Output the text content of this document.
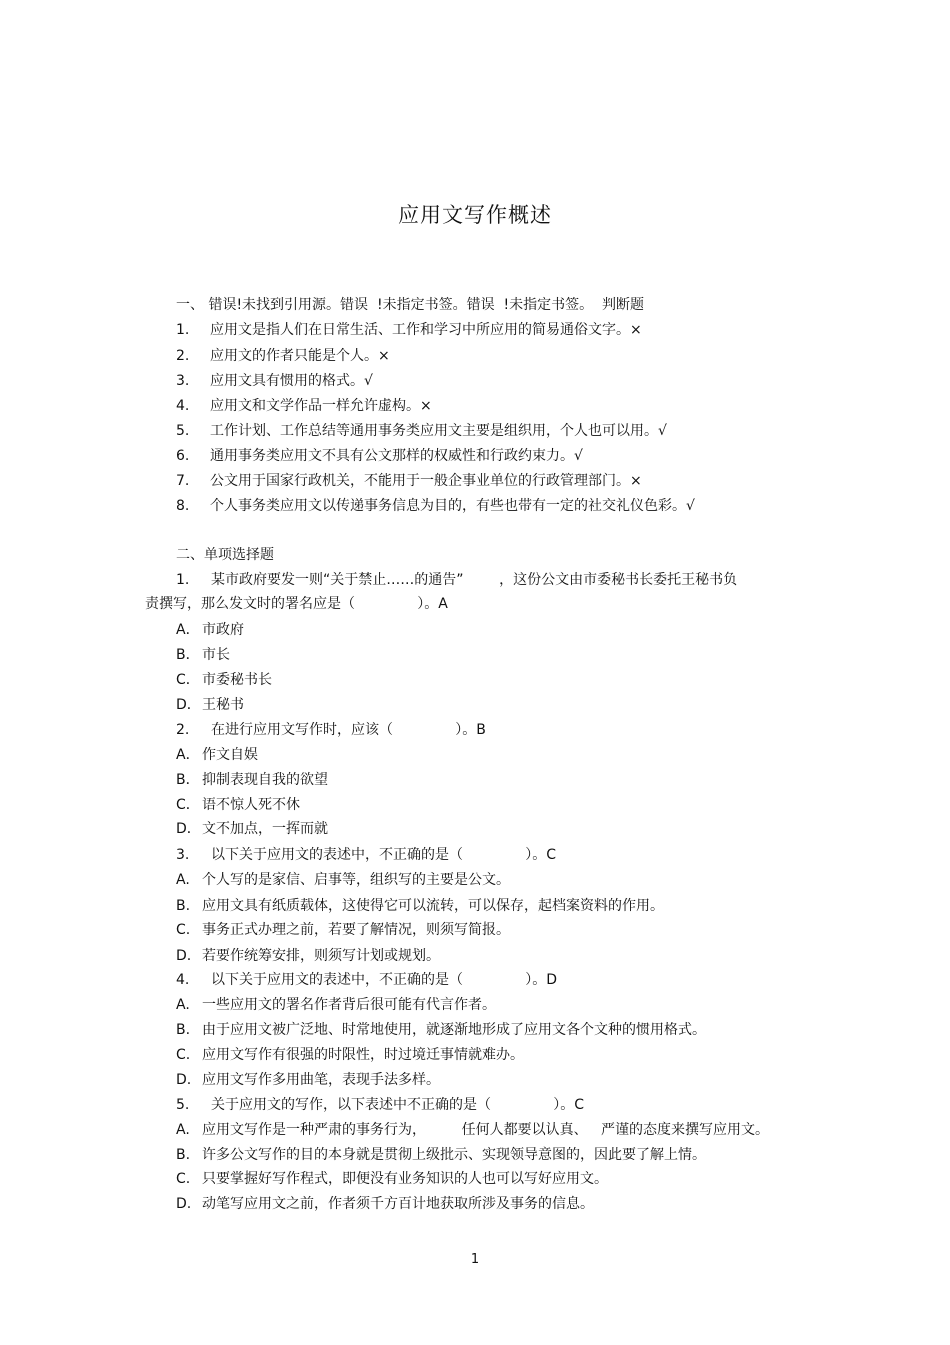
应用文写作概述
一、 错误!未找到引用源。错误  !未指定书签。错误  !未指定书签。  判断题
1. 应用文是指人们在日常生活、工作和学习中所应用的简易通俗文字。×
2. 应用文的作者只能是个人。×
3. 应用文具有惯用的格式。√
4. 应用文和文学作品一样允许虚构。×
5. 工作计划、工作总结等通用事务类应用文主要是组织用，个人也可以用。√
6. 通用事务类应用文不具有公文那样的权威性和行政约束力。√
7. 公文用于国家行政机关，不能用于一般企事业单位的行政管理部门。×
8. 个人事务类应用文以传递事务信息为目的，有些也带有一定的社交礼仪色彩。√
二、单项选择题
1. 某市政府要发一则“关于禁止……的通告”        ，这份公文由市委秘书长委托王秘书负
责撰写，那么发文时的署名应是（              ）。A
A． 市政府
B． 市长
C． 市委秘书长
D．王秘书
2. 在进行应用文写作时，应该（              ）。B
A． 作文自娱
B． 抑制表现自我的欲望
C． 语不惊人死不休
D．文不加点，一挥而就
3. 以下关于应用文的表述中，不正确的是（              ）。C
A. 个人写的是家信、启事等，组织写的主要是公文。
B. 应用文具有纸质载体，这使得它可以流转，可以保存，起档案资料的作用。
C. 事务正式办理之前，若要了解情况，则须写简报。
D. 若要作统筹安排，则须写计划或规划。
4. 以下关于应用文的表述中，不正确的是（              ）。D
A. 一些应用文的署名作者背后很可能有代言作者。
B. 由于应用文被广泛地、时常地使用，就逐渐地形成了应用文各个文种的惯用格式。
C. 应用文写作有很强的时限性，时过境迁事情就难办。
D. 应用文写作多用曲笔，表现手法多样。
5. 关于应用文的写作，以下表述中不正确的是（              ）。C
A. 应用文写作是一种严肃的事务行为，        任何人都要以认真、   严谨的态度来撰写应用文。
B. 许多公文写作的目的本身就是贯彻上级批示、实现领导意图的，因此要了解上情。
C. 只要掌握好写作程式，即便没有业务知识的人也可以写好应用文。
D. 动笔写应用文之前，作者须千方百计地获取所涉及事务的信息。
1
